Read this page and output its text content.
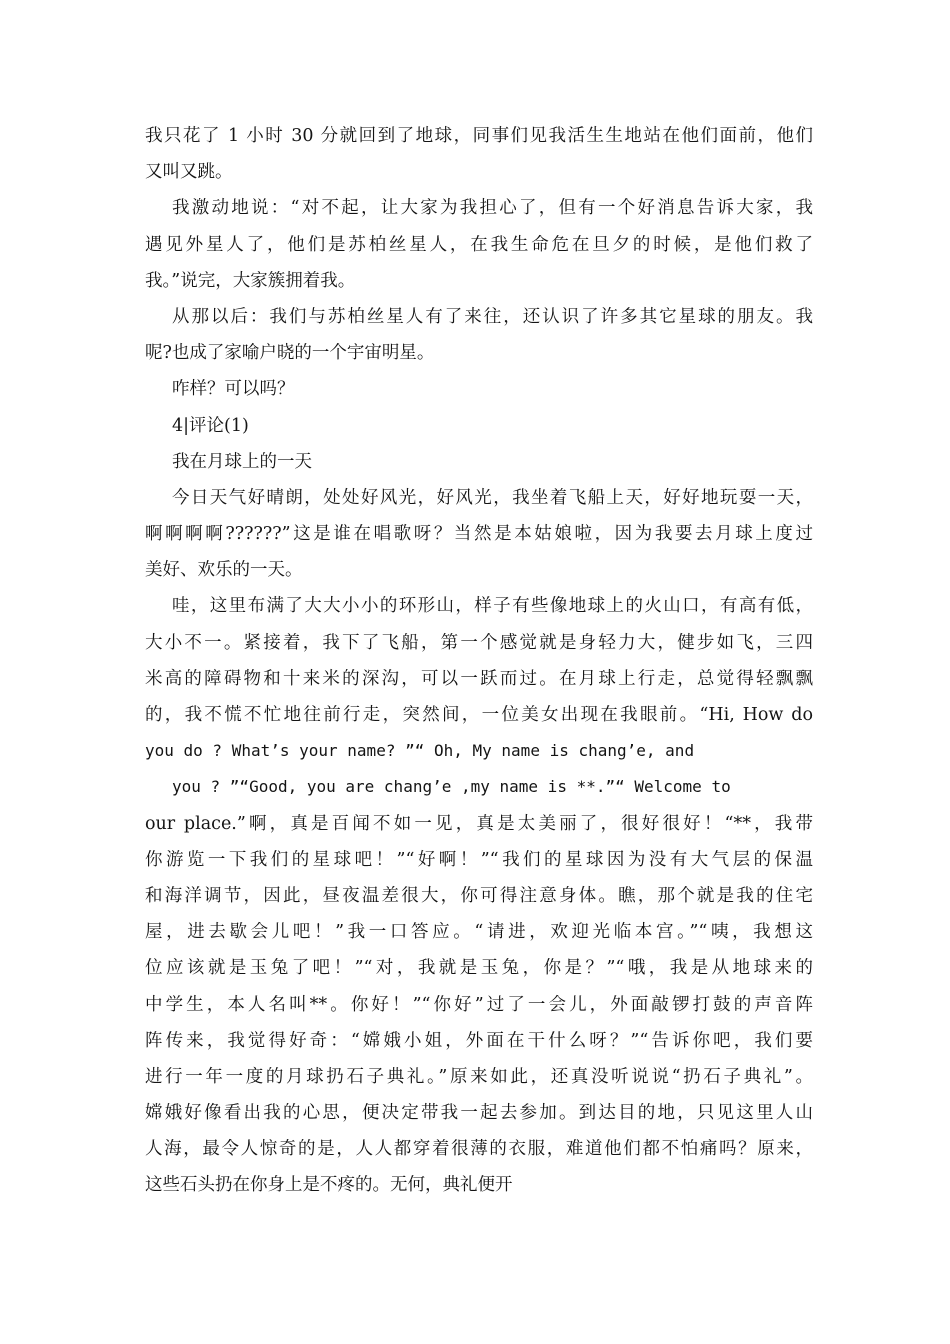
我只花了 1 小时 30 分就回到了地球，同事们见我活生生地站在他们面前，他们
又叫又跳。
我激动地说：“对不起，让大家为我担心了，但有一个好消息告诉大家，我
遇见外星人了，他们是苏柏丝星人，在我生命危在旦夕的时候，是他们救了
我。”说完，大家簇拥着我。
从那以后：我们与苏柏丝星人有了来往，还认识了许多其它星球的朋友。我
呢?也成了家喻户晓的一个宇宙明星。
咋样？可以吗？
4|评论(1)
我在月球上的一天
今日天气好晴朗，处处好风光，好风光，我坐着飞船上天，好好地玩耍一天，
啊啊啊啊??????”这是谁在唱歌呀？当然是本姑娘啦，因为我要去月球上度过
美好、欢乐的一天。
哇，这里布满了大大小小的环形山，样子有些像地球上的火山口，有高有低，
大小不一。紧接着，我下了飞船，第一个感觉就是身轻力大，健步如飞，三四
米高的障碍物和十来米的深沟，可以一跃而过。在月球上行走，总觉得轻飘飘
的，我不慌不忙地往前行走，突然间，一位美女出现在我眼前。“Hi, How do
you do ? What’s your name? ”“ Oh, My name is chang’e, and
you ? ”“Good, you are chang’e ,my name is **.”“ Welcome to
our place.”啊，真是百闻不如一见，真是太美丽了，很好很好！“**，我带
你游览一下我们的星球吧！”“好啊！”“我们的星球因为没有大气层的保温
和海洋调节，因此，昼夜温差很大，你可得注意身体。瞧，那个就是我的住宅
屋，进去歇会儿吧！”我一口答应。“请进，欢迎光临本宫。”“咦，我想这
位应该就是玉兔了吧！”“对，我就是玉兔，你是？”“哦，我是从地球来的
中学生，本人名叫**。你好！”“你好”过了一会儿，外面敲锣打鼓的声音阵
阵传来，我觉得好奇：“嫦娥小姐，外面在干什么呀？”“告诉你吧，我们要
进行一年一度的月球扔石子典礼。”原来如此，还真没听说说“扔石子典礼”。
嫦娥好像看出我的心思，便决定带我一起去参加。到达目的地，只见这里人山
人海，最令人惊奇的是，人人都穿着很薄的衣服，难道他们都不怕痛吗？原来，
这些石头扔在你身上是不疼的。无何，典礼便开
